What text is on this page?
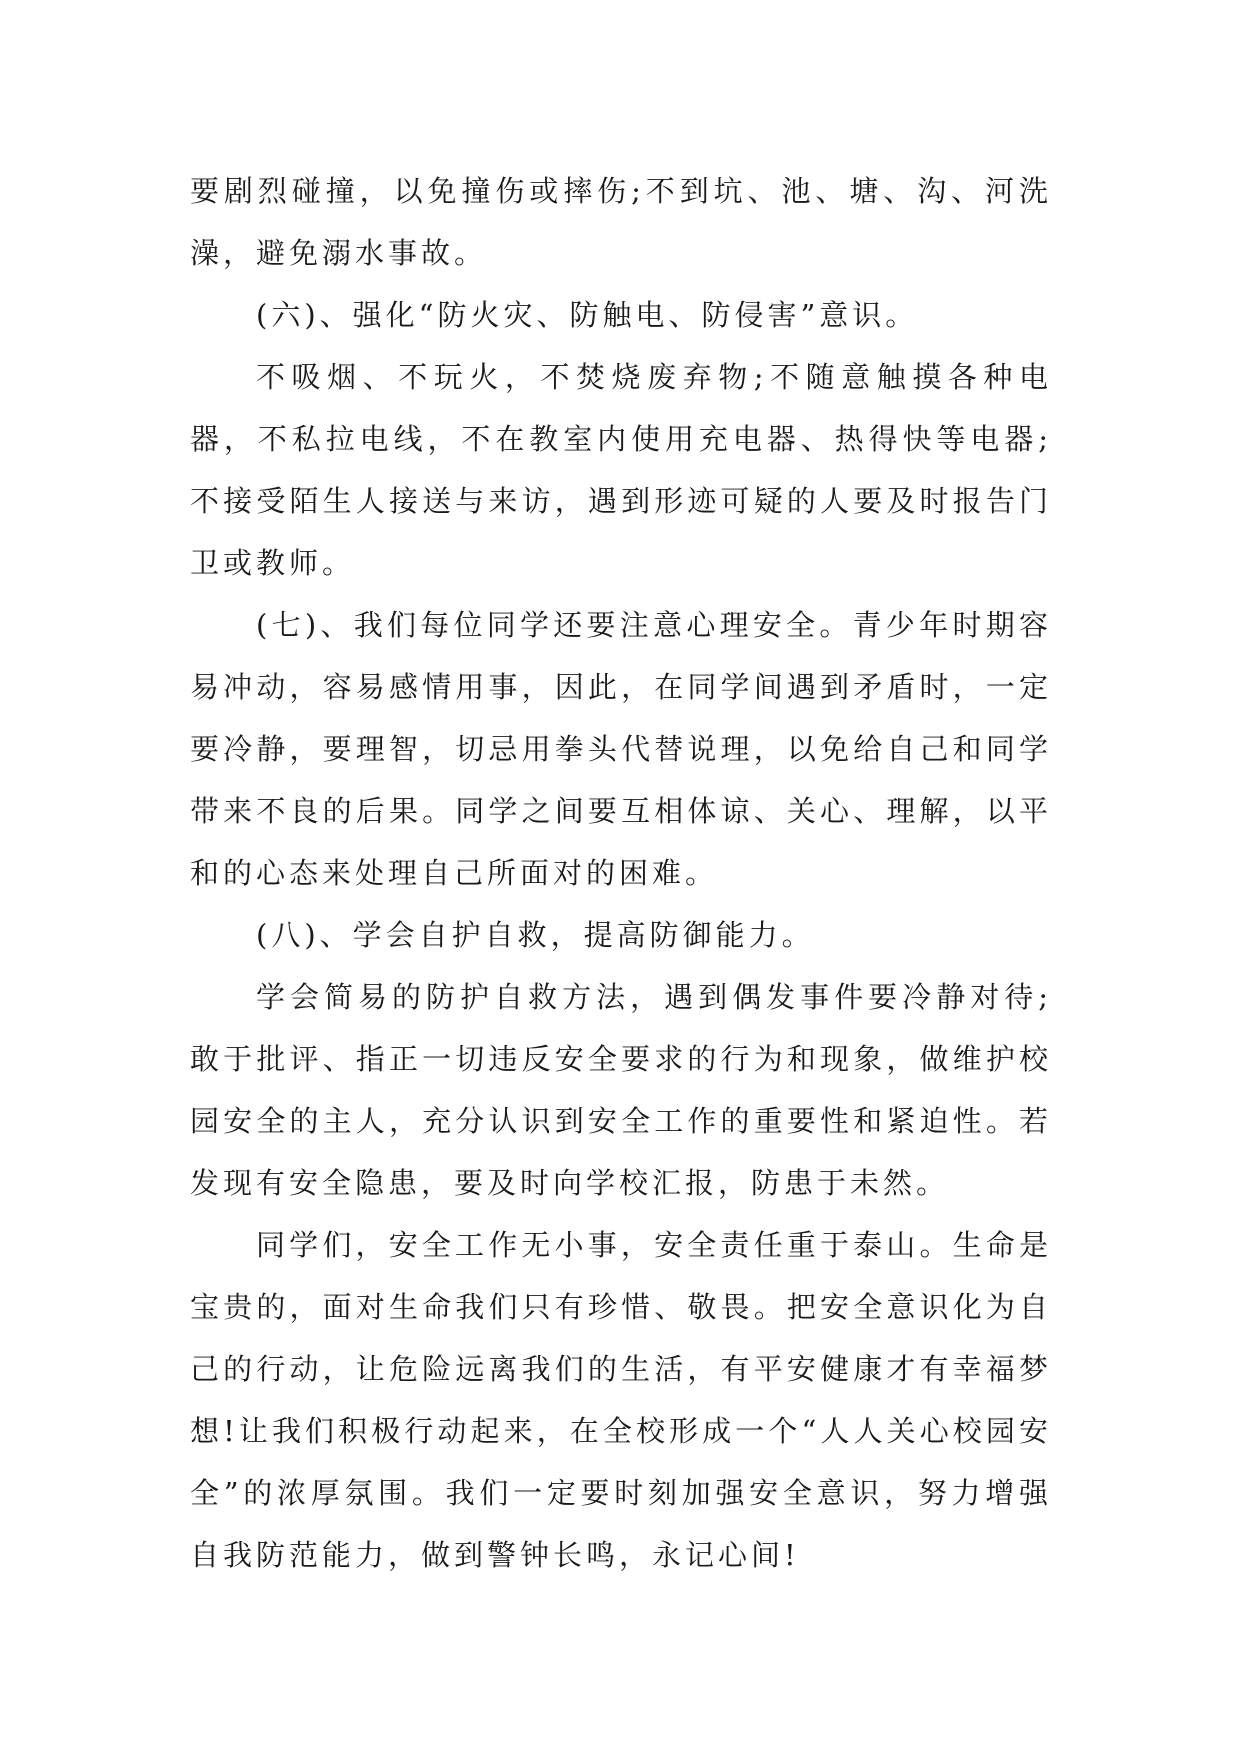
要剧烈碰撞，以免撞伤或摔伤;不到坑、池、塘、沟、河洗澡，避免溺水事故。

(六)、强化“防火灾、防触电、防侵害”意识。

不吸烟、不玩火，不焚烧废弃物;不随意触摸各种电器，不私拉电线，不在教室内使用充电器、热得快等电器;不接受陌生人接送与来访，遇到形迹可疑的人要及时报告门卫或教师。

(七)、我们每位同学还要注意心理安全。青少年时期容易冲动，容易感情用事，因此，在同学间遇到矛盾时，一定要冷静，要理智，切忌用拳头代替说理，以免给自己和同学带来不良的后果。同学之间要互相体谅、关心、理解，以平和的心态来处理自己所面对的困难。

(八)、学会自护自救，提高防御能力。

学会简易的防护自救方法，遇到偶发事件要冷静对待;敢于批评、指正一切违反安全要求的行为和现象，做维护校园安全的主人，充分认识到安全工作的重要性和紧迫性。若发现有安全隐患，要及时向学校汇报，防患于未然。

同学们，安全工作无小事，安全责任重于泰山。生命是宝贵的，面对生命我们只有珍惜、敬畏。把安全意识化为自己的行动，让危险远离我们的生活，有平安健康才有幸福梦想!让我们积极行动起来，在全校形成一个“人人关心校园安全”的浓厚氛围。我们一定要时刻加强安全意识，努力增强自我防范能力，做到警钟长鸣，永记心间!
